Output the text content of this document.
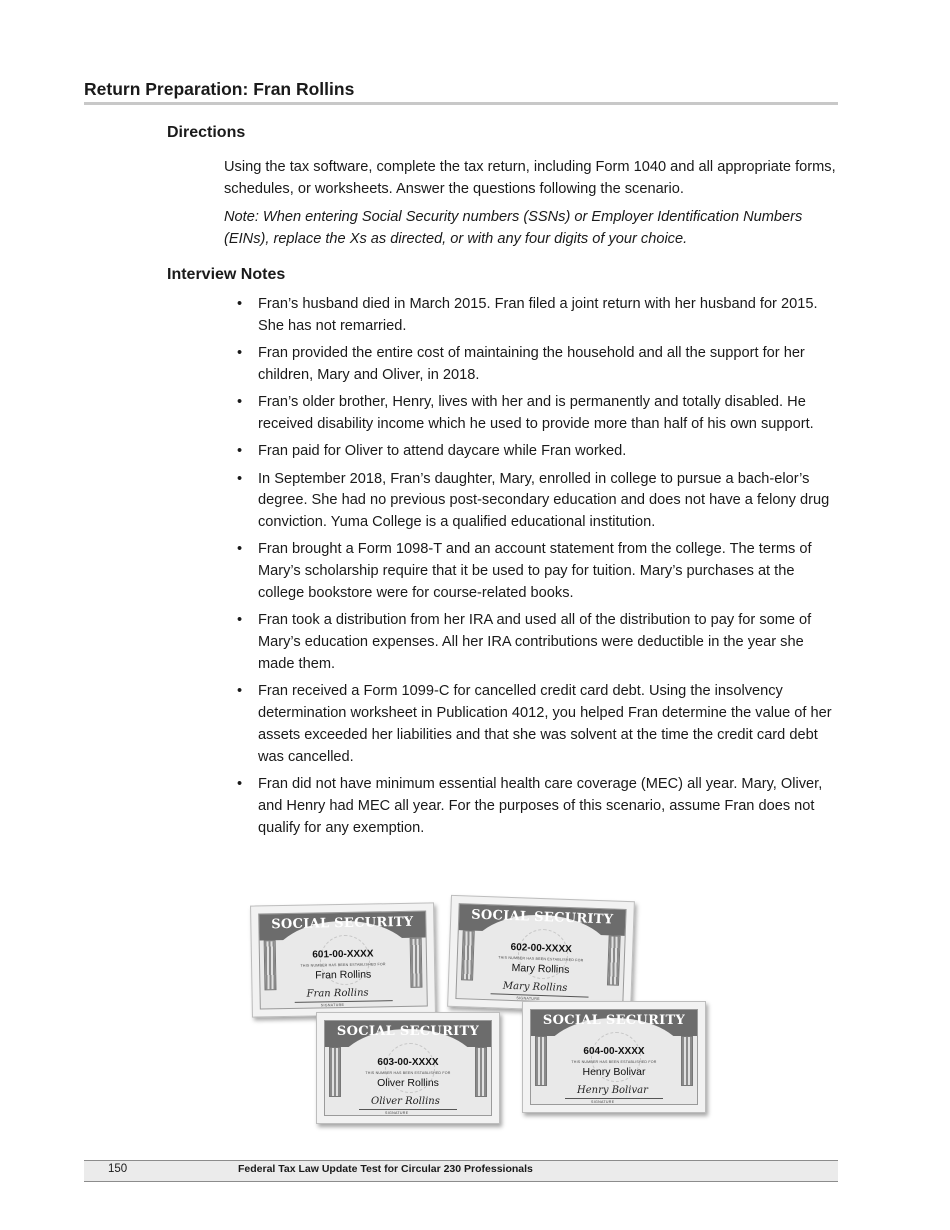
Return Preparation: Fran Rollins
Directions

Using the tax software, complete the tax return, including Form 1040 and all appropriate forms, schedules, or worksheets. Answer the questions following the scenario.

Note: When entering Social Security numbers (SSNs) or Employer Identification Numbers (EINs), replace the Xs as directed, or with any four digits of your choice.

Interview Notes
• Fran’s husband died in March 2015. Fran filed a joint return with her husband for 2015. She has not remarried.
• Fran provided the entire cost of maintaining the household and all the support for her children, Mary and Oliver, in 2018.
• Fran’s older brother, Henry, lives with her and is permanently and totally disabled. He received disability income which he used to provide more than half of his own support.
• Fran paid for Oliver to attend daycare while Fran worked.
• In September 2018, Fran’s daughter, Mary, enrolled in college to pursue a bach-elor’s degree. She had no previous post-secondary education and does not have a felony drug conviction. Yuma College is a qualified educational institution.
• Fran brought a Form 1098-T and an account statement from the college. The terms of Mary’s scholarship require that it be used to pay for tuition. Mary’s purchases at the college bookstore were for course-related books.
• Fran took a distribution from her IRA and used all of the distribution to pay for some of Mary’s education expenses. All her IRA contributions were deductible in the year she made them.
• Fran received a Form 1099-C for cancelled credit card debt. Using the insolvency determination worksheet in Publication 4012, you helped Fran determine the value of her assets exceeded her liabilities and that she was solvent at the time the credit card debt was cancelled.
• Fran did not have minimum essential health care coverage (MEC) all year. Mary, Oliver, and Henry had MEC all year. For the purposes of this scenario, assume Fran does not qualify for any exemption.
SOCIAL SECURITY
601-00-XXXX
THIS NUMBER HAS BEEN ESTABLISHED FOR
Fran Rollins
Fran Rollins
SIGNATURE
SOCIAL SECURITY
602-00-XXXX
THIS NUMBER HAS BEEN ESTABLISHED FOR
Mary Rollins
Mary Rollins
SIGNATURE
SOCIAL SECURITY
603-00-XXXX
THIS NUMBER HAS BEEN ESTABLISHED FOR
Oliver Rollins
Oliver Rollins
SIGNATURE
SOCIAL SECURITY
604-00-XXXX
THIS NUMBER HAS BEEN ESTABLISHED FOR
Henry Bolivar
Henry Bolivar
SIGNATURE
150	Federal Tax Law Update Test for Circular 230 Professionals
